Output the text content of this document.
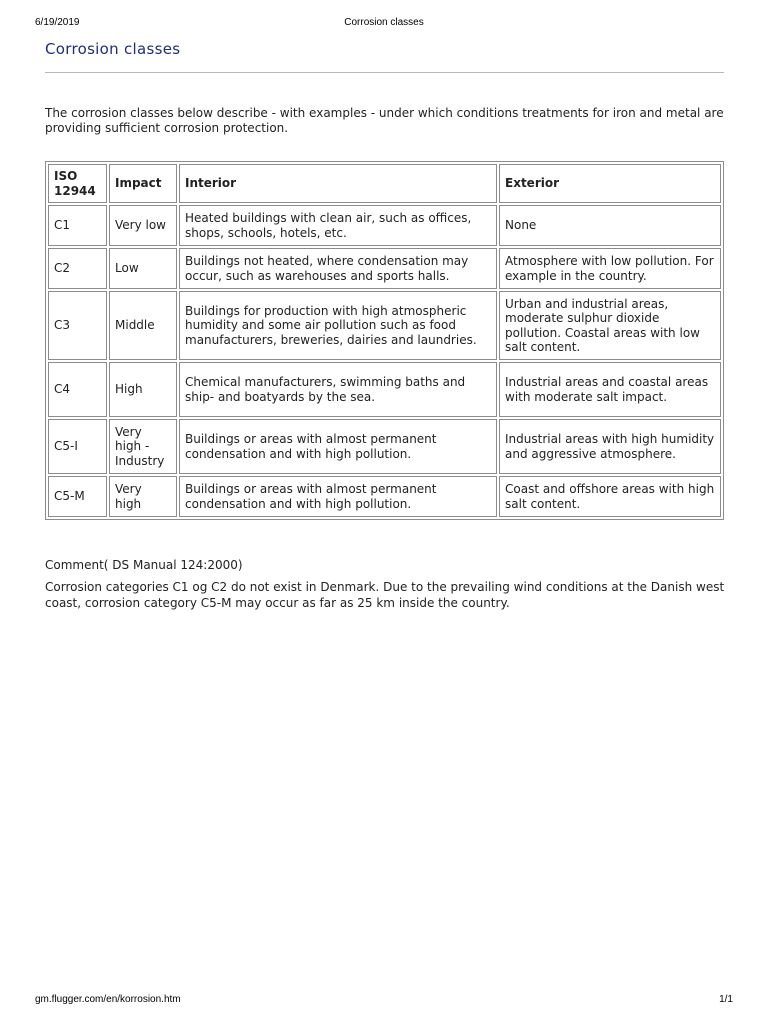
6/19/2019	Corrosion classes
Corrosion classes

The corrosion classes below describe - with examples - under which conditions treatments for iron and metal are providing sufficient corrosion protection.

ISO 12944	Impact	Interior	Exterior
C1	Very low	Heated buildings with clean air, such as offices, shops, schools, hotels, etc.	None
C2	Low	Buildings not heated, where condensation may occur, such as warehouses and sports halls.	Atmosphere with low pollution. For example in the country.
C3	Middle	Buildings for production with high atmospheric humidity and some air pollution such as food manufacturers, breweries, dairies and laundries.	Urban and industrial areas, moderate sulphur dioxide pollution. Coastal areas with low salt content.
C4	High	Chemical manufacturers, swimming baths and ship- and boatyards by the sea.	Industrial areas and coastal areas with moderate salt impact.
C5-I	Very high - Industry	Buildings or areas with almost permanent condensation and with high pollution.	Industrial areas with high humidity and aggressive atmosphere.
C5-M	Very high	Buildings or areas with almost permanent condensation and with high pollution.	Coast and offshore areas with high salt content.

Comment( DS Manual 124:2000)

Corrosion categories C1 og C2 do not exist in Denmark. Due to the prevailing wind conditions at the Danish west coast, corrosion category C5-M may occur as far as 25 km inside the country.

gm.flugger.com/en/korrosion.htm	1/1
